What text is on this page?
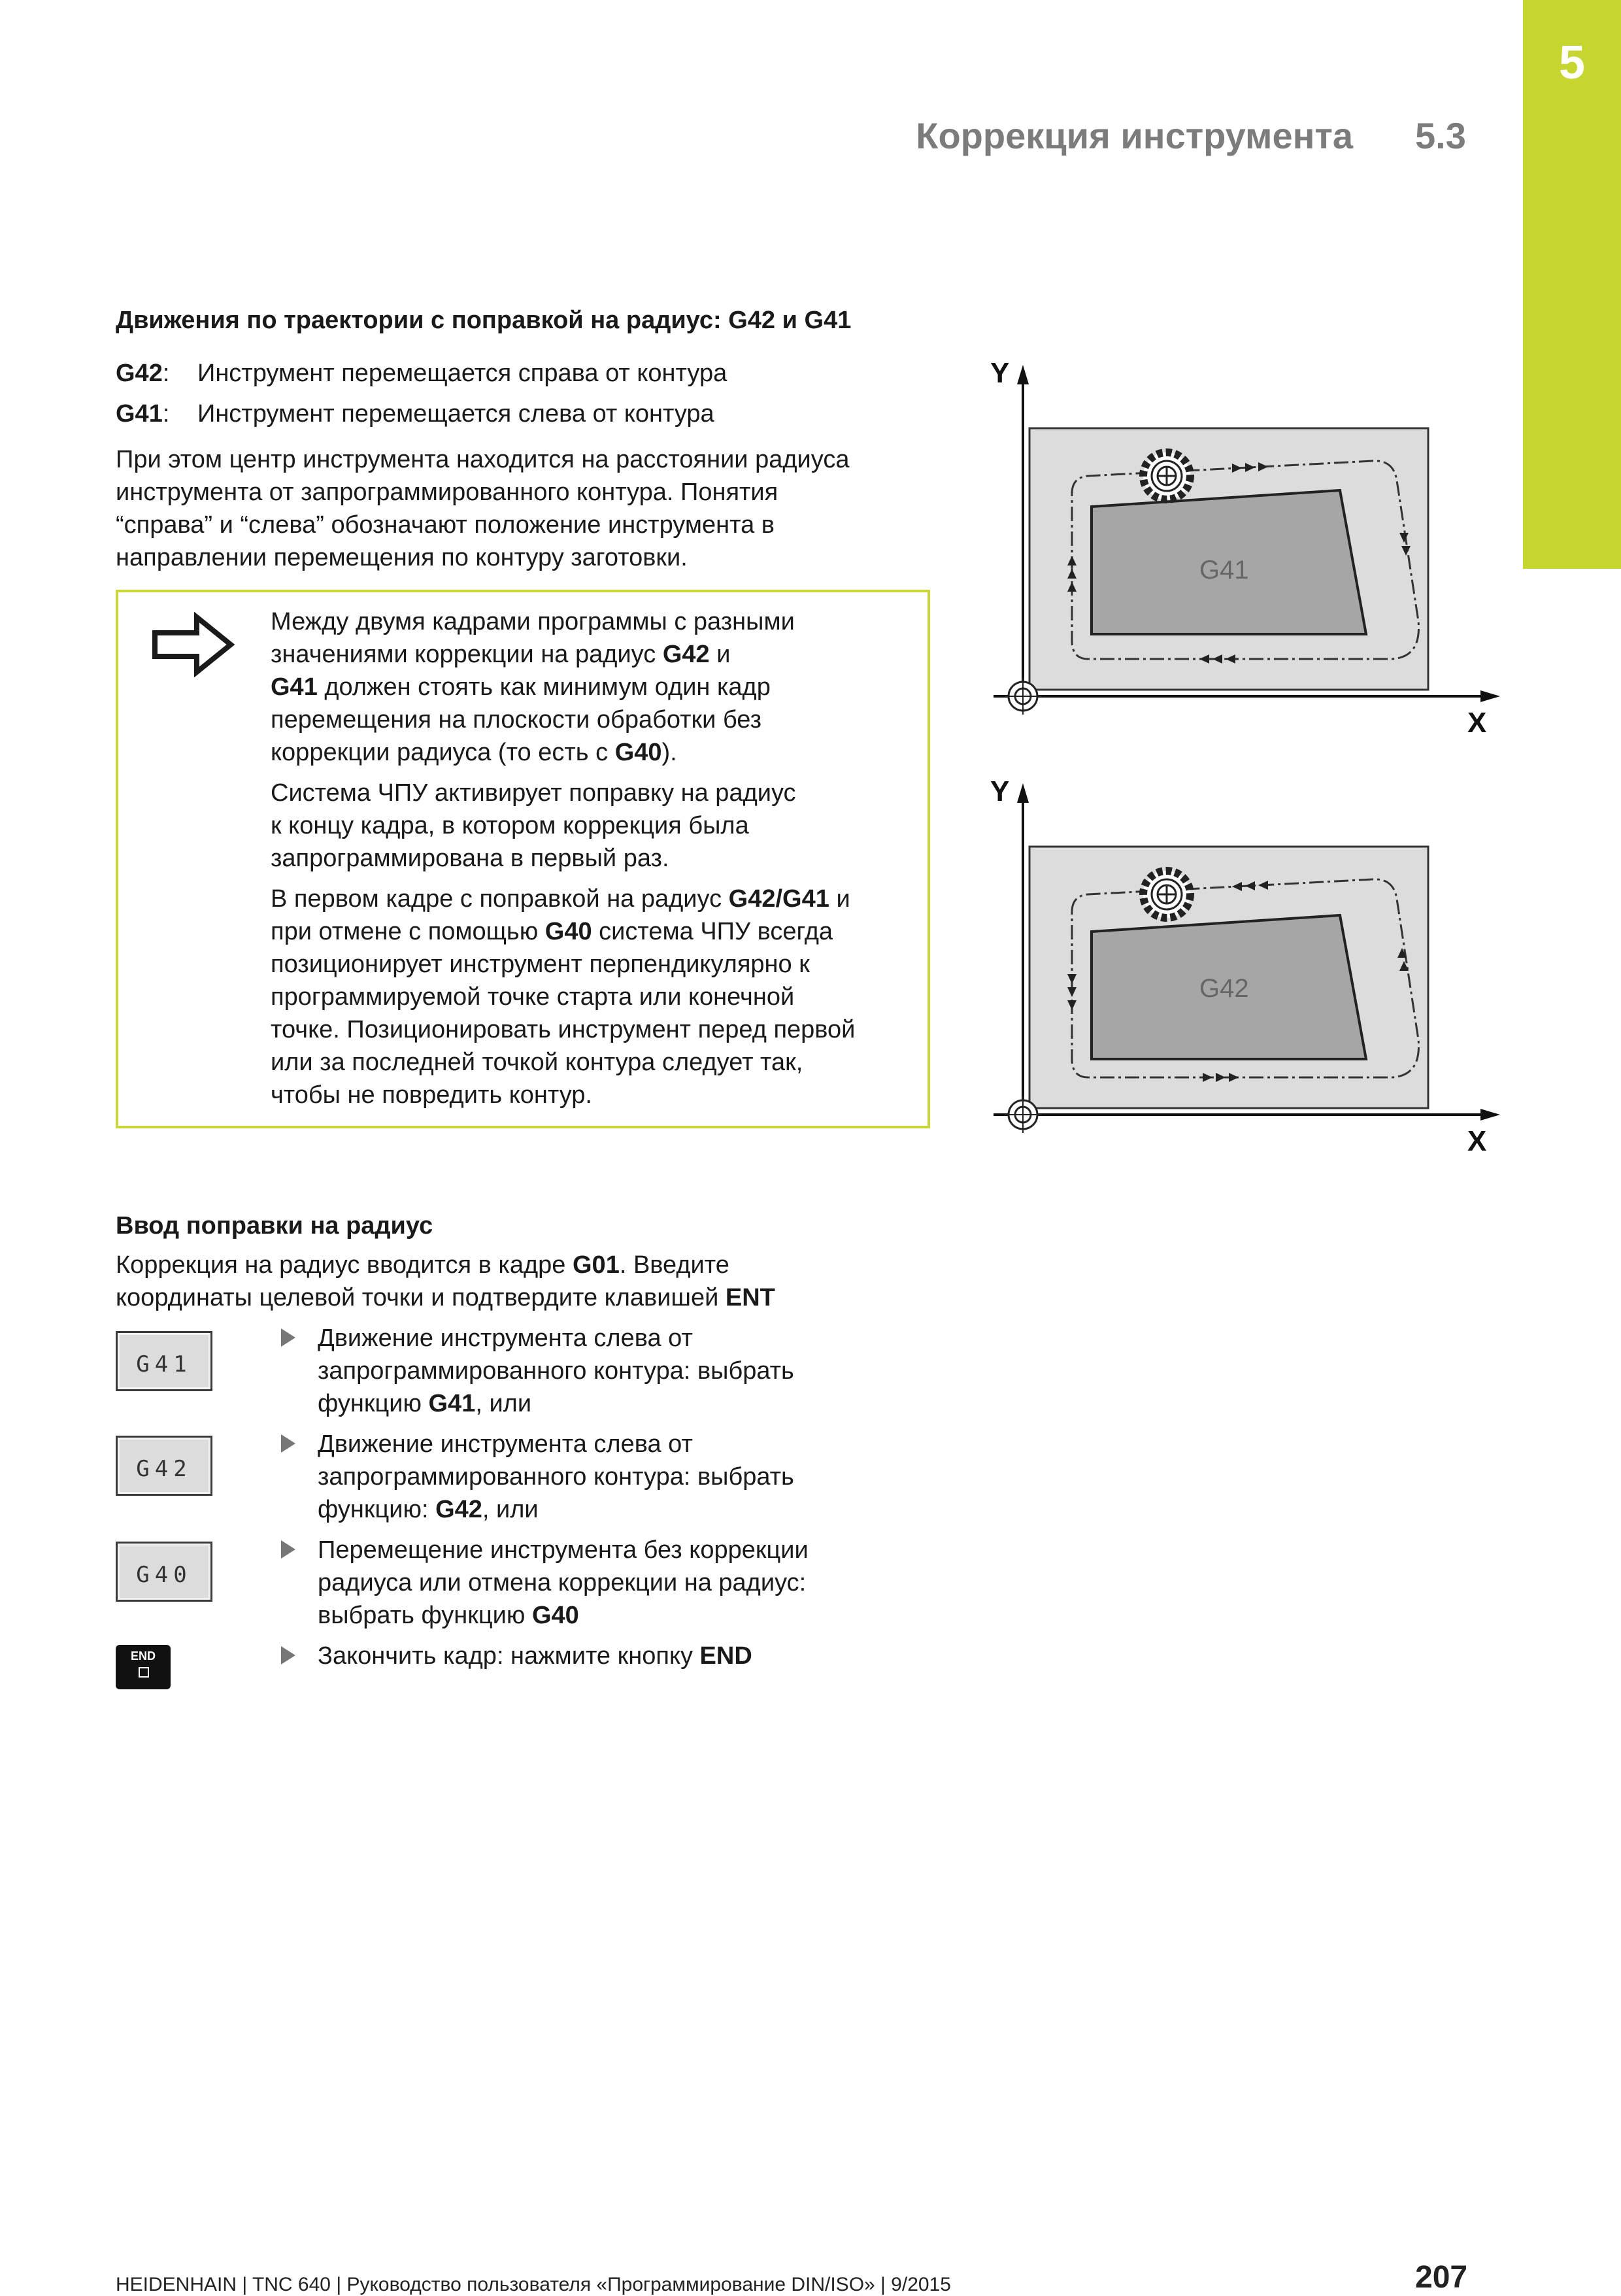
5
Коррекция инструмента 5.3
Движения по траектории с поправкой на радиус: G42 и G41
G42: Инструмент перемещается справа от контура
G41: Инструмент перемещается слева от контура
При этом центр инструмента находится на расстоянии радиуса
инструмента от запрограммированного контура. Понятия
“справа” и “слева” обозначают положение инструмента в
направлении перемещения по контуру заготовки.
Между двумя кадрами программы с разными
значениями коррекции на радиус G42 и
G41 должен стоять как минимум один кадр
перемещения на плоскости обработки без
коррекции радиуса (то есть с G40).
Система ЧПУ активирует поправку на радиус
к концу кадра, в котором коррекция была
запрограммирована в первый раз.
В первом кадре с поправкой на радиус G42/G41 и
при отмене с помощью G40 система ЧПУ всегда
позиционирует инструмент перпендикулярно к
программируемой точке старта или конечной
точке. Позиционировать инструмент перед первой
или за последней точкой контура следует так,
чтобы не повредить контур.
Y
X
G41
Y
X
G42
Ввод поправки на радиус
Коррекция на радиус вводится в кадре G01. Введите
координаты целевой точки и подтвердите клавишей ENT
G41
G42
G40
END
Движение инструмента слева от
запрограммированного контура: выбрать
функцию G41, или
Движение инструмента слева от
запрограммированного контура: выбрать
функцию: G42, или
Перемещение инструмента без коррекции
радиуса или отмена коррекции на радиус:
выбрать функцию G40
Закончить кадр: нажмите кнопку END
HEIDENHAIN | TNC 640 | Руководство пользователя «Программирование DIN/ISO» | 9/2015	207
